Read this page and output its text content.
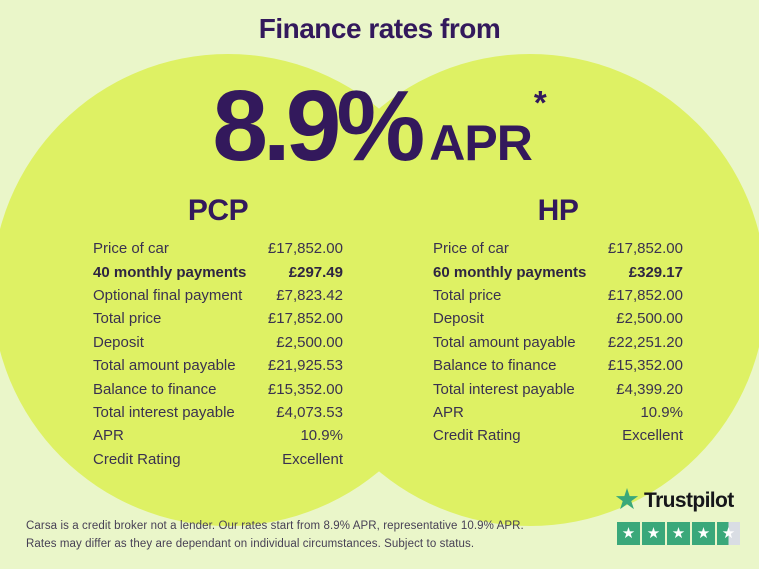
Finance rates from
8.9% APR*
PCP
Price of car	£17,852.00
40 monthly payments	£297.49
Optional final payment £7,823.42
Total price	£17,852.00
Deposit	£2,500.00
Total amount payable £21,925.53
Balance to finance	£15,352.00
Total interest payable	£4,073.53
APR	10.9%
Credit Rating	Excellent
HP
Price of car	£17,852.00
60 monthly payments	£329.17
Total price	£17,852.00
Deposit	£2,500.00
Total amount payable £22,251.20
Balance to finance	£15,352.00
Total interest payable	£4,399.20
APR	10.9%
Credit Rating	Excellent
Carsa is a credit broker not a lender. Our rates start from 8.9% APR, representative 10.9% APR.
Rates may differ as they are dependant on individual circumstances. Subject to status.
★ Trustpilot
★ ★ ★ ★ ★
